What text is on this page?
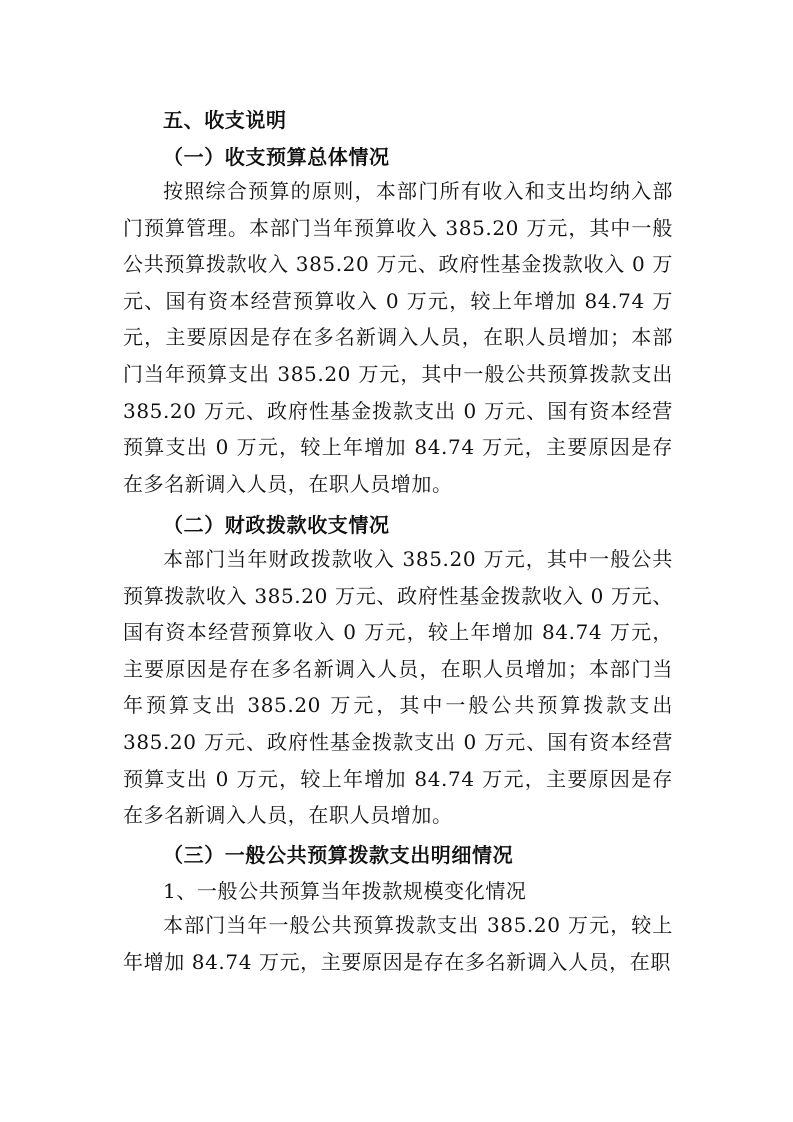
五、收支说明
（一）收支预算总体情况
按照综合预算的原则，本部门所有收入和支出均纳入部门预算管理。本部门当年预算收入 385.20 万元，其中一般公共预算拨款收入 385.20 万元、政府性基金拨款收入 0 万元、国有资本经营预算收入 0 万元，较上年增加 84.74 万元，主要原因是存在多名新调入人员，在职人员增加；本部门当年预算支出 385.20 万元，其中一般公共预算拨款支出 385.20 万元、政府性基金拨款支出 0 万元、国有资本经营预算支出 0 万元，较上年增加 84.74 万元，主要原因是存在多名新调入人员，在职人员增加。
（二）财政拨款收支情况
本部门当年财政拨款收入 385.20 万元，其中一般公共预算拨款收入 385.20 万元、政府性基金拨款收入 0 万元、国有资本经营预算收入 0 万元，较上年增加 84.74 万元，主要原因是存在多名新调入人员，在职人员增加；本部门当年预算支出 385.20 万元，其中一般公共预算拨款支出 385.20 万元、政府性基金拨款支出 0 万元、国有资本经营预算支出 0 万元，较上年增加 84.74 万元，主要原因是存在多名新调入人员，在职人员增加。
（三）一般公共预算拨款支出明细情况
1、一般公共预算当年拨款规模变化情况
本部门当年一般公共预算拨款支出 385.20 万元，较上年增加 84.74 万元，主要原因是存在多名新调入人员，在职
